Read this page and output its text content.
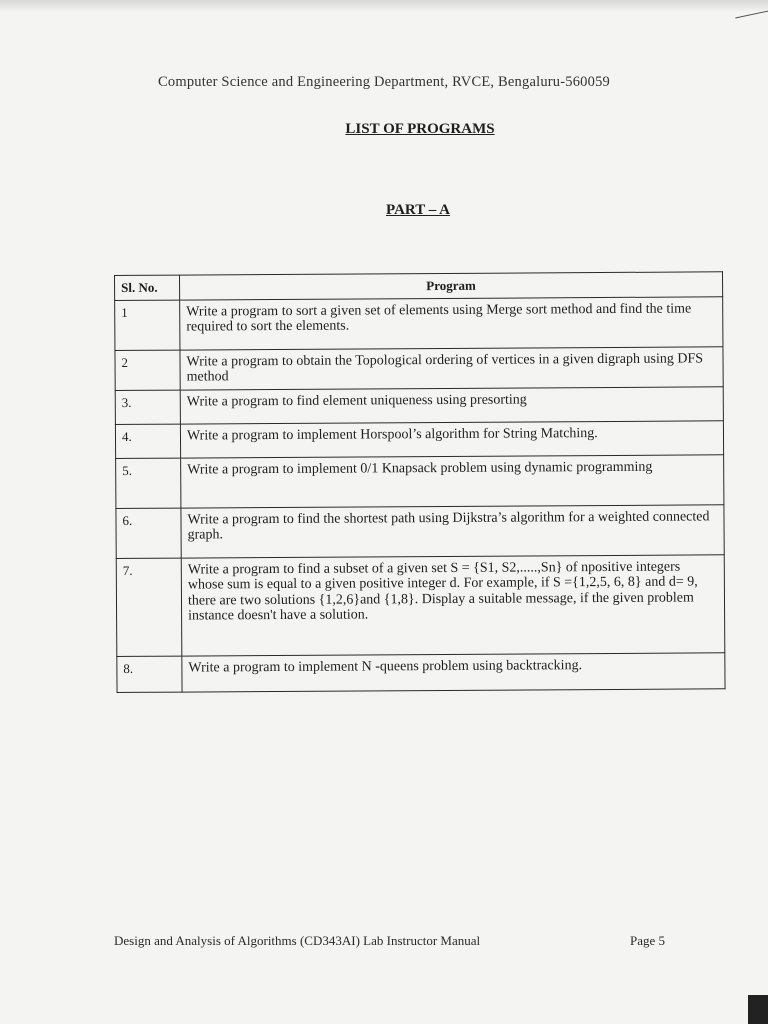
Computer Science and Engineering Department, RVCE, Bengaluru-560059
LIST OF PROGRAMS
PART – A
Sl. No.	Program
1	Write a program to sort a given set of elements using Merge sort method and find the time required to sort the elements.
2	Write a program to obtain the Topological ordering of vertices in a given digraph using DFS method
3.	Write a program to find element uniqueness using presorting
4.	Write a program to implement Horspool’s algorithm for String Matching.
5.	Write a program to implement 0/1 Knapsack problem using dynamic programming
6.	Write a program to find the shortest path using Dijkstra’s algorithm for a weighted connected graph.
7.	Write a program to find a subset of a given set S = {S1, S2,.....,Sn} of npositive integers whose sum is equal to a given positive integer d. For example, if S ={1,2,5, 6, 8} and d= 9, there are two solutions {1,2,6}and {1,8}. Display a suitable message, if the given problem instance doesn't have a solution.
8.	Write a program to implement N -queens problem using backtracking.
Design and Analysis of Algorithms (CD343AI) Lab Instructor Manual	Page 5
